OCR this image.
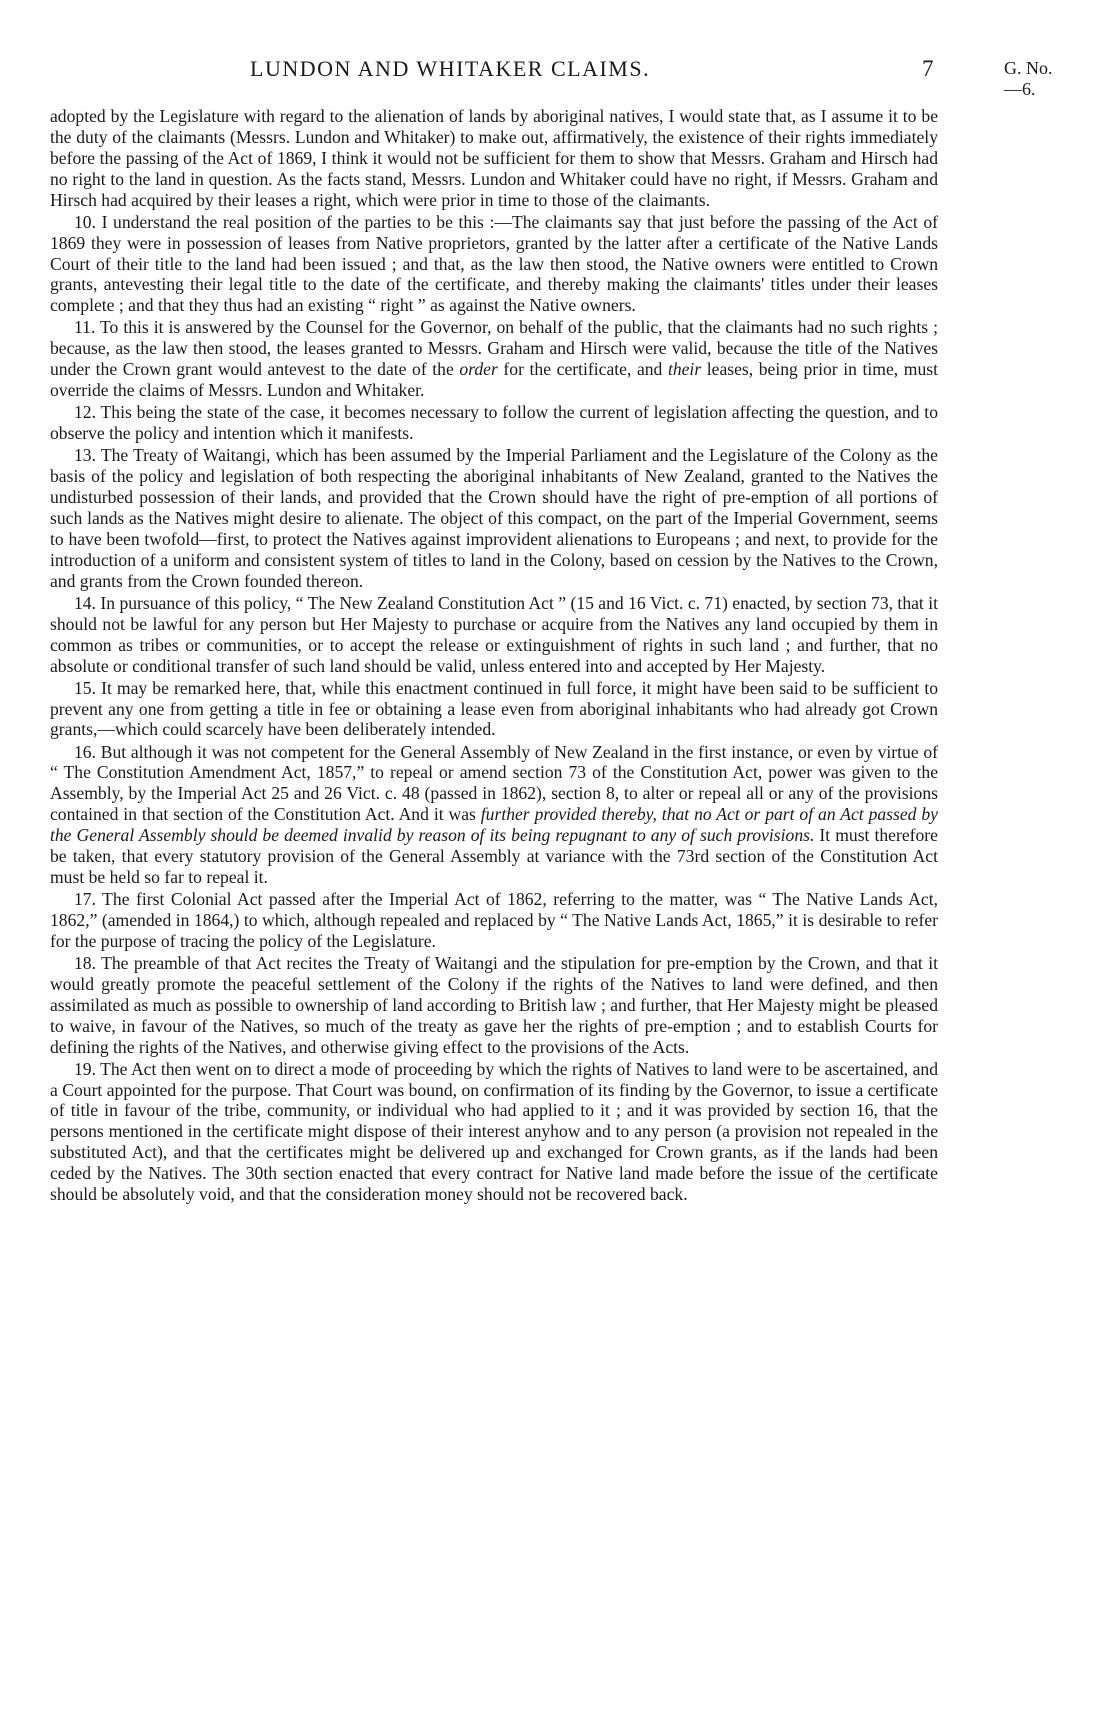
LUNDON AND WHITAKER CLAIMS.	7	G. No.—6.

adopted by the Legislature with regard to the alienation of lands by aboriginal natives, I would state that, as I assume it to be the duty of the claimants (Messrs. Lundon and Whitaker) to make out, affirmatively, the existence of their rights immediately before the passing of the Act of 1869, I think it would not be sufficient for them to show that Messrs. Graham and Hirsch had no right to the land in question. As the facts stand, Messrs. Lundon and Whitaker could have no right, if Messrs. Graham and Hirsch had acquired by their leases a right, which were prior in time to those of the claimants.

10. I understand the real position of the parties to be this :—The claimants say that just before the passing of the Act of 1869 they were in possession of leases from Native proprietors, granted by the latter after a certificate of the Native Lands Court of their title to the land had been issued ; and that, as the law then stood, the Native owners were entitled to Crown grants, antevesting their legal title to the date of the certificate, and thereby making the claimants' titles under their leases complete ; and that they thus had an existing “ right ” as against the Native owners.

11. To this it is answered by the Counsel for the Governor, on behalf of the public, that the claimants had no such rights ; because, as the law then stood, the leases granted to Messrs. Graham and Hirsch were valid, because the title of the Natives under the Crown grant would antevest to the date of the order for the certificate, and their leases, being prior in time, must override the claims of Messrs. Lundon and Whitaker.

12. This being the state of the case, it becomes necessary to follow the current of legislation affecting the question, and to observe the policy and intention which it manifests.

13. The Treaty of Waitangi, which has been assumed by the Imperial Parliament and the Legislature of the Colony as the basis of the policy and legislation of both respecting the aboriginal inhabitants of New Zealand, granted to the Natives the undisturbed possession of their lands, and provided that the Crown should have the right of pre-emption of all portions of such lands as the Natives might desire to alienate. The object of this compact, on the part of the Imperial Government, seems to have been twofold—first, to protect the Natives against improvident alienations to Europeans ; and next, to provide for the introduction of a uniform and consistent system of titles to land in the Colony, based on cession by the Natives to the Crown, and grants from the Crown founded thereon.

14. In pursuance of this policy, “ The New Zealand Constitution Act ” (15 and 16 Vict. c. 71) enacted, by section 73, that it should not be lawful for any person but Her Majesty to purchase or acquire from the Natives any land occupied by them in common as tribes or communities, or to accept the release or extinguishment of rights in such land ; and further, that no absolute or conditional transfer of such land should be valid, unless entered into and accepted by Her Majesty.

15. It may be remarked here, that, while this enactment continued in full force, it might have been said to be sufficient to prevent any one from getting a title in fee or obtaining a lease even from aboriginal inhabitants who had already got Crown grants,—which could scarcely have been deliberately intended.

16. But although it was not competent for the General Assembly of New Zealand in the first instance, or even by virtue of “ The Constitution Amendment Act, 1857,” to repeal or amend section 73 of the Constitution Act, power was given to the Assembly, by the Imperial Act 25 and 26 Vict. c. 48 (passed in 1862), section 8, to alter or repeal all or any of the provisions contained in that section of the Constitution Act. And it was further provided thereby, that no Act or part of an Act passed by the General Assembly should be deemed invalid by reason of its being repugnant to any of such provisions. It must therefore be taken, that every statutory provision of the General Assembly at variance with the 73rd section of the Constitution Act must be held so far to repeal it.

17. The first Colonial Act passed after the Imperial Act of 1862, referring to the matter, was “ The Native Lands Act, 1862,” (amended in 1864,) to which, although repealed and replaced by “ The Native Lands Act, 1865,” it is desirable to refer for the purpose of tracing the policy of the Legislature.

18. The preamble of that Act recites the Treaty of Waitangi and the stipulation for pre-emption by the Crown, and that it would greatly promote the peaceful settlement of the Colony if the rights of the Natives to land were defined, and then assimilated as much as possible to ownership of land according to British law ; and further, that Her Majesty might be pleased to waive, in favour of the Natives, so much of the treaty as gave her the rights of pre-emption ; and to establish Courts for defining the rights of the Natives, and otherwise giving effect to the provisions of the Acts.

19. The Act then went on to direct a mode of proceeding by which the rights of Natives to land were to be ascertained, and a Court appointed for the purpose. That Court was bound, on confirmation of its finding by the Governor, to issue a certificate of title in favour of the tribe, community, or individual who had applied to it ; and it was provided by section 16, that the persons mentioned in the certificate might dispose of their interest anyhow and to any person (a provision not repealed in the substituted Act), and that the certificates might be delivered up and exchanged for Crown grants, as if the lands had been ceded by the Natives. The 30th section enacted that every contract for Native land made before the issue of the certificate should be absolutely void, and that the consideration money should not be recovered back.
